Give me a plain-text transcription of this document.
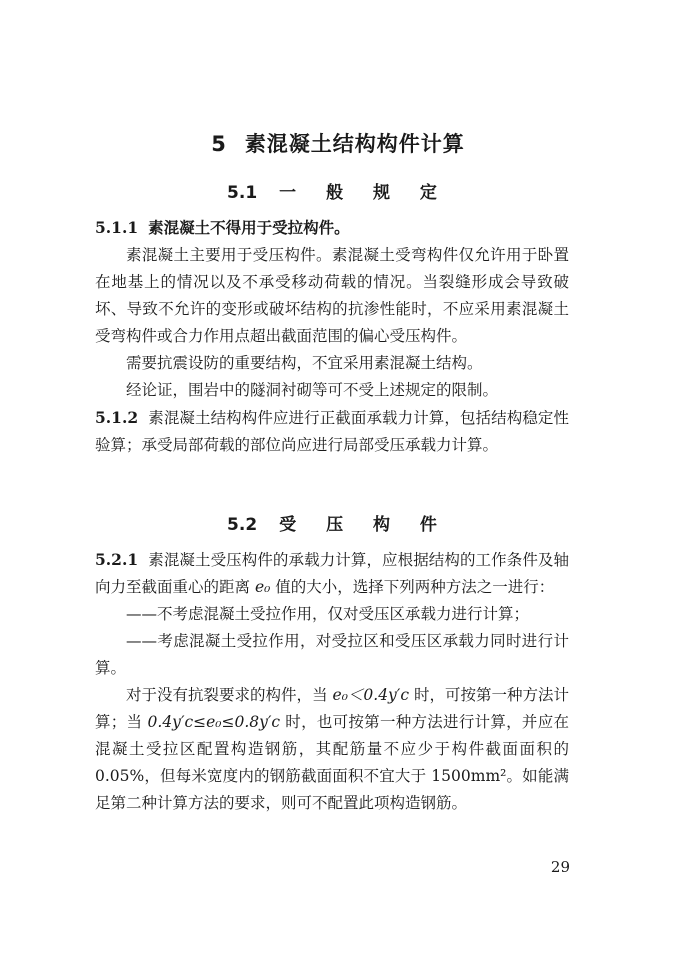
5 素混凝土结构构件计算
5.1 一 般 规 定

5.1.1 素混凝土不得用于受拉构件。

素混凝土主要用于受压构件。素混凝土受弯构件仅允许用于卧置在地基上的情况以及不承受移动荷载的情况。当裂缝形成会导致破坏、导致不允许的变形或破坏结构的抗渗性能时，不应采用素混凝土受弯构件或合力作用点超出截面范围的偏心受压构件。

需要抗震设防的重要结构，不宜采用素混凝土结构。

经论证，围岩中的隧洞衬砌等可不受上述规定的限制。

5.1.2 素混凝土结构构件应进行正截面承载力计算，包括结构稳定性验算；承受局部荷载的部位尚应进行局部受压承载力计算。

5.2 受 压 构 件

5.2.1 素混凝土受压构件的承载力计算，应根据结构的工作条件及轴向力至截面重心的距离 e₀ 值的大小，选择下列两种方法之一进行：

——不考虑混凝土受拉作用，仅对受压区承载力进行计算；

——考虑混凝土受拉作用，对受拉区和受压区承载力同时进行计算。

对于没有抗裂要求的构件，当 e₀＜0.4y′c 时，可按第一种方法计算；当 0.4y′c≤e₀≤0.8y′c 时，也可按第一种方法进行计算，并应在混凝土受拉区配置构造钢筋，其配筋量不应少于构件截面面积的 0.05%，但每米宽度内的钢筋截面面积不宜大于 1500mm²。如能满足第二种计算方法的要求，则可不配置此项构造钢筋。

29
